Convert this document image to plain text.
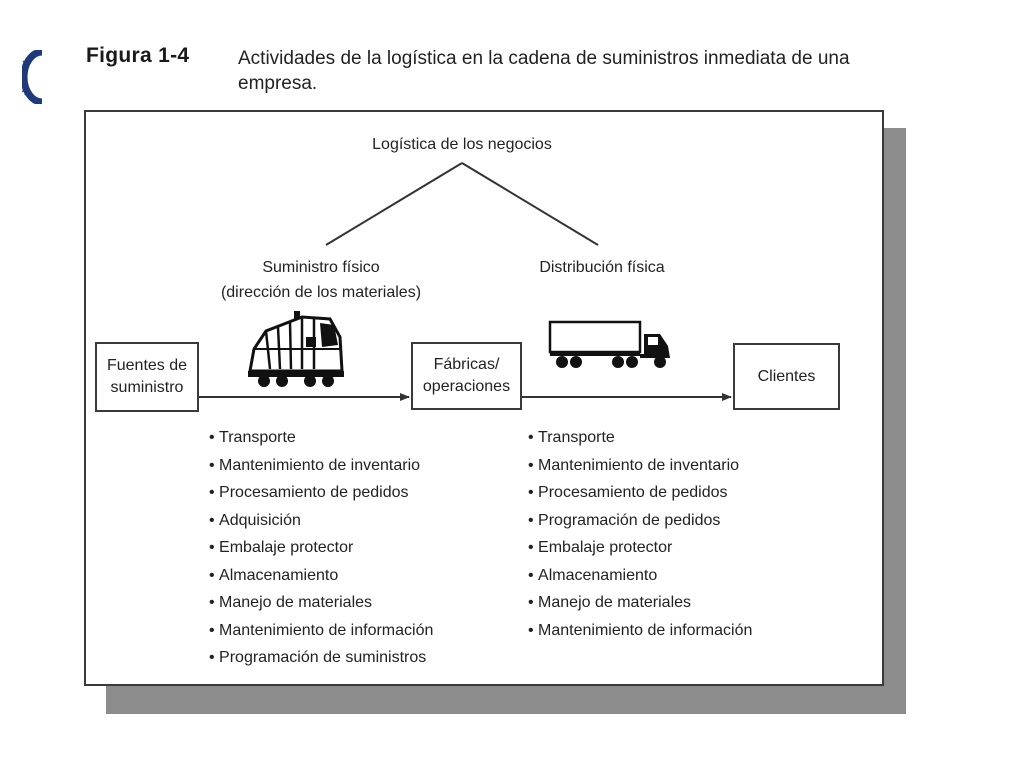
Figura 1-4	Actividades de la logística en la cadena de suministros inmediata de una empresa.
Logística de los negocios
Suministro físico
(dirección de los materiales)
Distribución física
Fuentes de
suministro
Fábricas/
operaciones
Clientes
• Transporte
• Mantenimiento de inventario
• Procesamiento de pedidos
• Adquisición
• Embalaje protector
• Almacenamiento
• Manejo de materiales
• Mantenimiento de información
• Programación de suministros
• Transporte
• Mantenimiento de inventario
• Procesamiento de pedidos
• Programación de pedidos
• Embalaje protector
• Almacenamiento
• Manejo de materiales
• Mantenimiento de información
